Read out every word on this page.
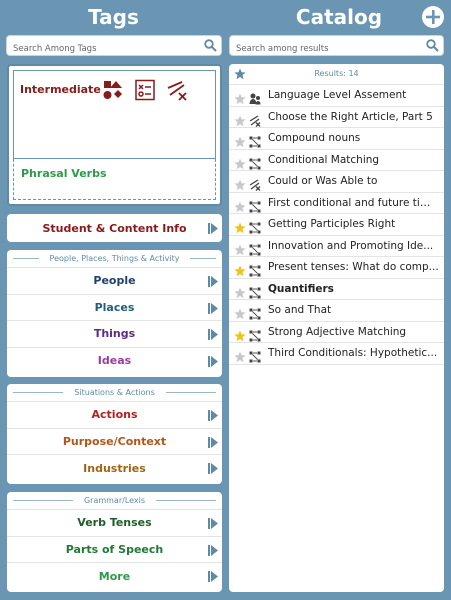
Tags	Catalog
Search Among Tags
Search among results
Intermediate
Phrasal Verbs
Student & Content Info
People, Places, Things & Activity
People
Places
Things
Ideas
Situations & Actions
Actions
Purpose/Context
Industries
Grammar/Lexis
Verb Tenses
Parts of Speech
More
Results: 14
Language Level Assement
Choose the Right Article, Part 5
Compound nouns
Conditional Matching
Could or Was Able to
First conditional and future tim...
Getting Participles Right
Innovation and Promoting Ide...
Present tenses: What do comp...
Quantifiers
So and That
Strong Adjective Matching
Third Conditionals: Hypothetic...
